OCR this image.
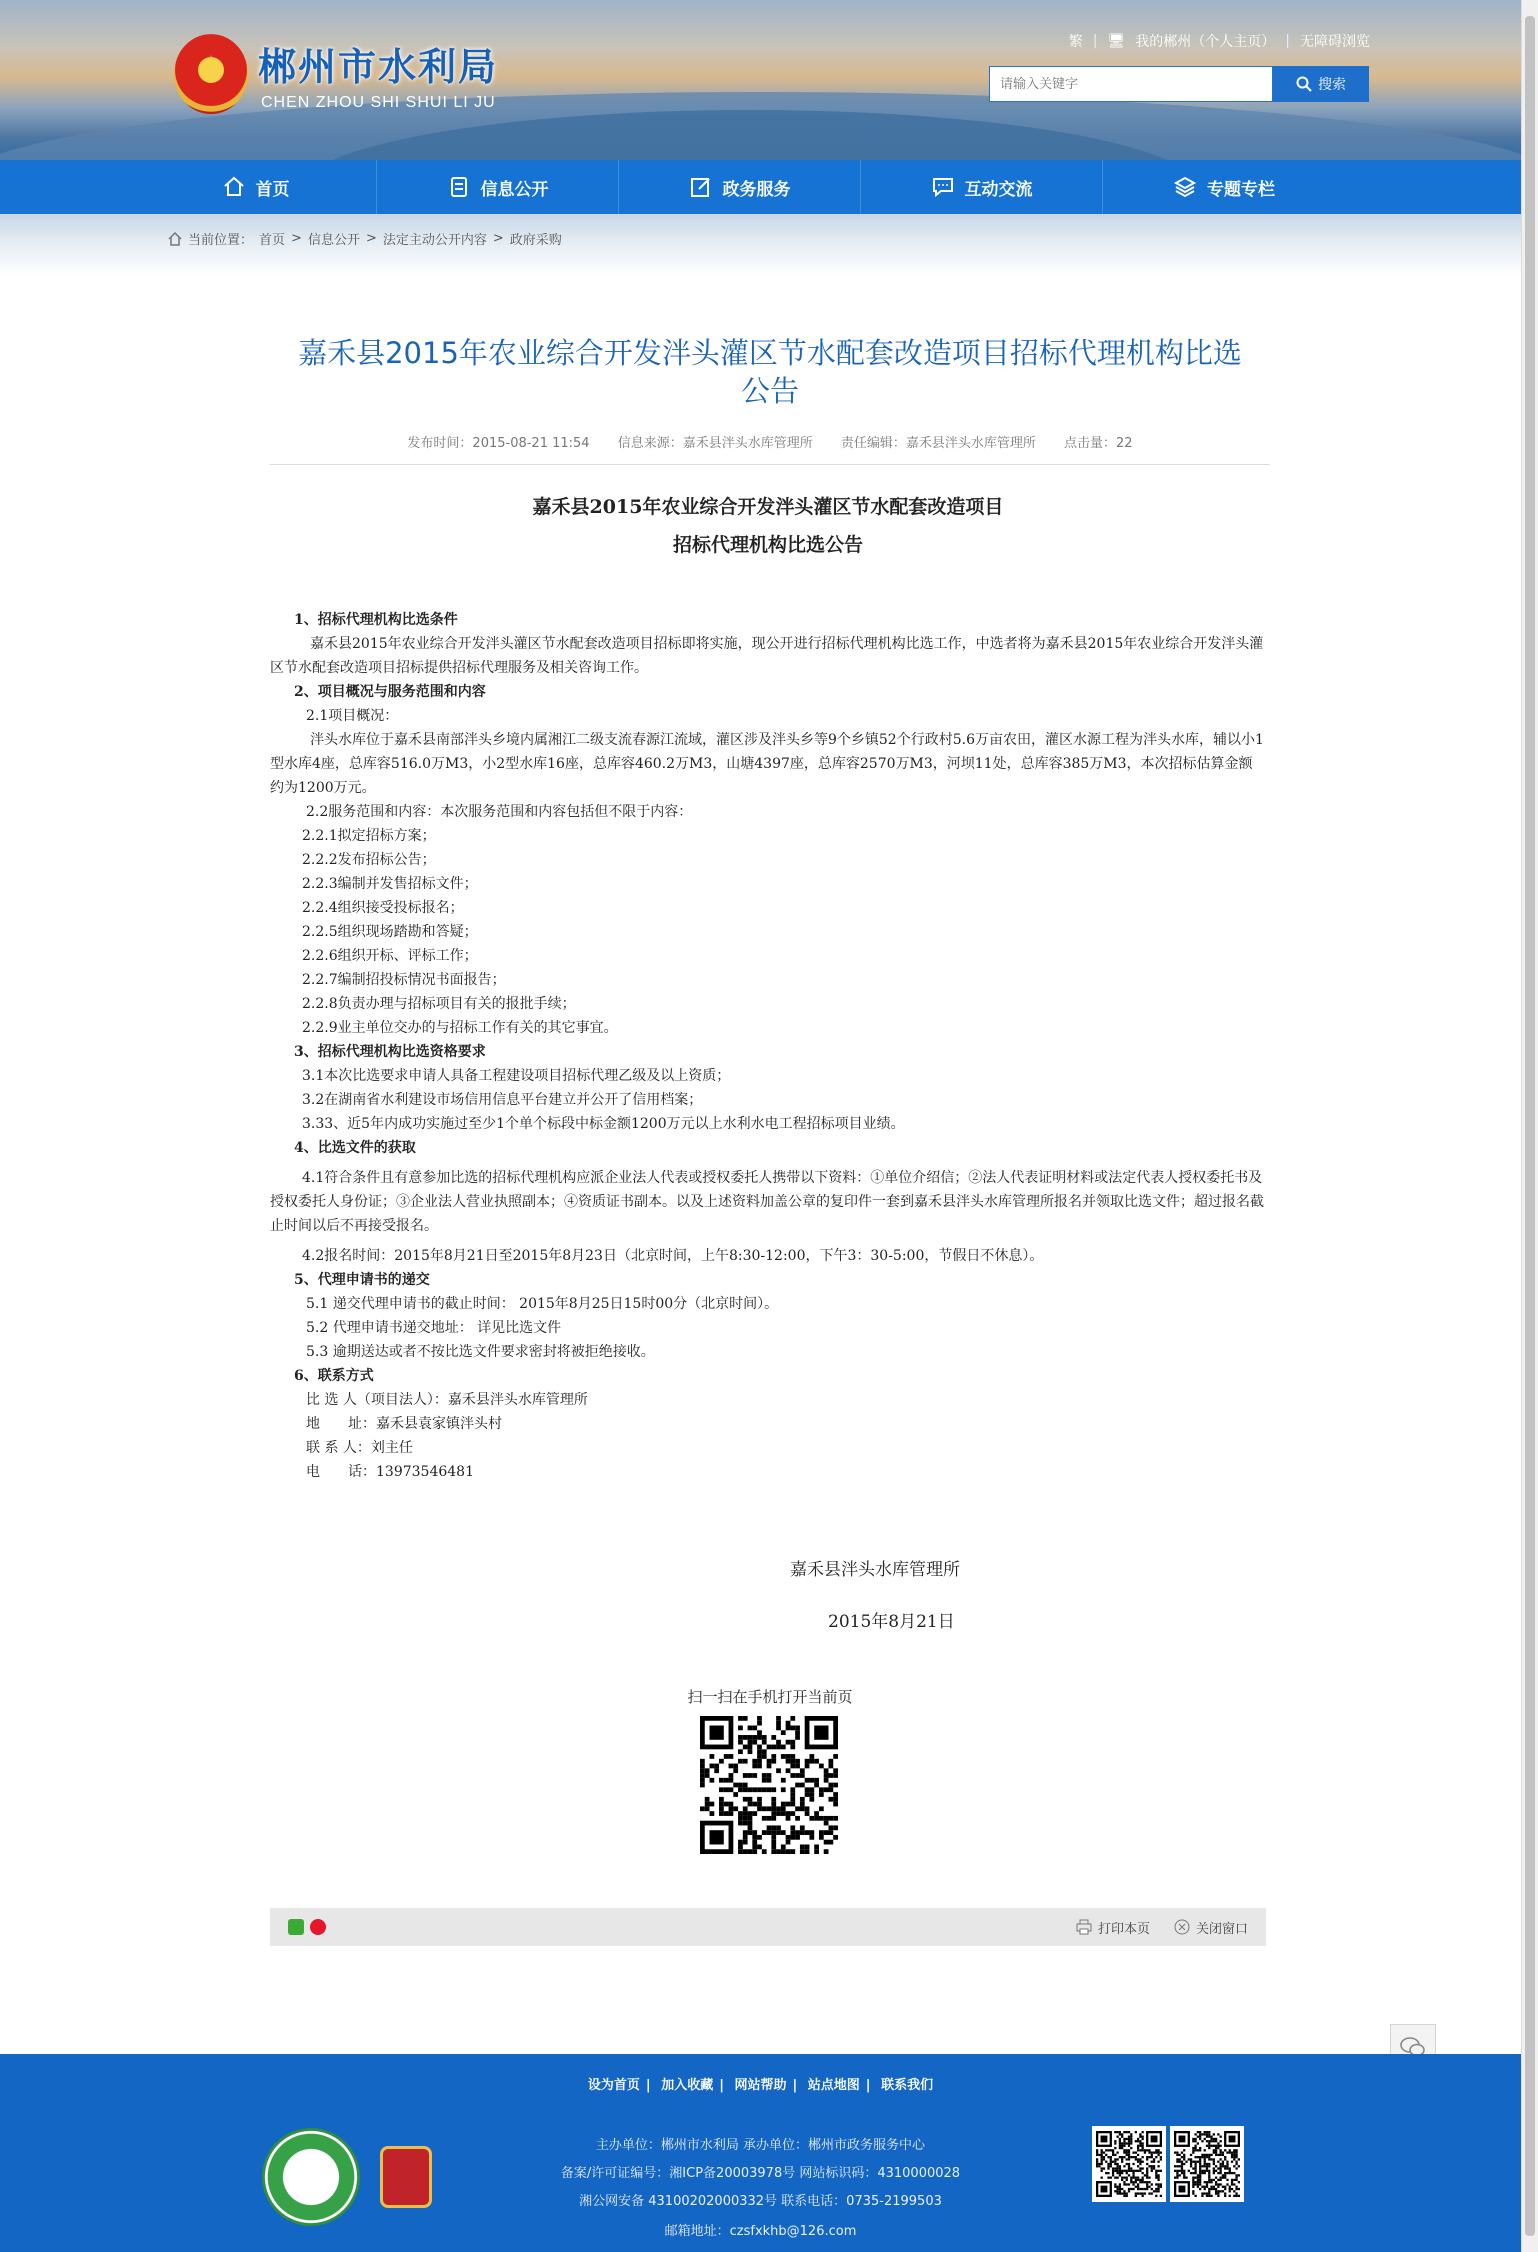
★ 郴州市水利局
CHEN ZHOU SHI SHUI LI JU
繁 | 🖥 我的郴州（个人主页） | 无障碍浏览
请输入关键字
搜索
首页	信息公开	政务服务	互动交流	专题专栏
当前位置： 首页 > 信息公开 > 法定主动公开内容 > 政府采购
嘉禾县2015年农业综合开发泮头灌区节水配套改造项目招标代理机构比选
公告
发布时间：2015-08-21 11:54 信息来源：嘉禾县泮头水库管理所 责任编辑：嘉禾县泮头水库管理所 点击量：22
嘉禾县2015年农业综合开发泮头灌区节水配套改造项目
招标代理机构比选公告

1、招标代理机构比选条件

嘉禾县2015年农业综合开发泮头灌区节水配套改造项目招标即将实施，现公开进行招标代理机构比选工作，中选者将为嘉禾县2015年农业综合开发泮头灌区节水配套改造项目招标提供招标代理服务及相关咨询工作。

2、项目概况与服务范围和内容

2.1项目概况：

泮头水库位于嘉禾县南部泮头乡境内属湘江二级支流春源江流域，灌区涉及泮头乡等9个乡镇52个行政村5.6万亩农田，灌区水源工程为泮头水库，辅以小1型水库4座，总库容516.0万M3，小2型水库16座，总库容460.2万M3，山塘4397座，总库容2570万M3，河坝11处，总库容385万M3，本次招标估算金额约为1200万元。

2.2服务范围和内容：本次服务范围和内容包括但不限于内容：

2.2.1拟定招标方案；

2.2.2发布招标公告；

2.2.3编制并发售招标文件；

2.2.4组织接受投标报名；

2.2.5组织现场踏勘和答疑；

2.2.6组织开标、评标工作；

2.2.7编制招投标情况书面报告；

2.2.8负责办理与招标项目有关的报批手续；

2.2.9业主单位交办的与招标工作有关的其它事宜。

3、招标代理机构比选资格要求

3.1本次比选要求申请人具备工程建设项目招标代理乙级及以上资质；

3.2在湖南省水利建设市场信用信息平台建立并公开了信用档案；

3.33、近5年内成功实施过至少1个单个标段中标金额1200万元以上水利水电工程招标项目业绩。

4、比选文件的获取

4.1符合条件且有意参加比选的招标代理机构应派企业法人代表或授权委托人携带以下资料：①单位介绍信；②法人代表证明材料或法定代表人授权委托书及授权委托人身份证；③企业法人营业执照副本；④资质证书副本。以及上述资料加盖公章的复印件一套到嘉禾县泮头水库管理所报名并领取比选文件；超过报名截止时间以后不再接受报名。

4.2报名时间：2015年8月21日至2015年8月23日（北京时间，上午8:30-12:00，下午3：30-5:00，节假日不休息）。

5、代理申请书的递交

5.1 递交代理申请书的截止时间： 2015年8月25日15时00分（北京时间）。

5.2 代理申请书递交地址： 详见比选文件

5.3 逾期送达或者不按比选文件要求密封将被拒绝接收。

6、联系方式

比 选 人（项目法人）：嘉禾县泮头水库管理所

地　　址：嘉禾县袁家镇泮头村

联 系 人：刘主任

电　　话：13973546481

嘉禾县泮头水库管理所

2015年8月21日

扫一扫在手机打开当前页
打印本页	关闭窗口
设为首页 | 加入收藏 | 网站帮助 | 站点地图 | 联系我们
主办单位：郴州市水利局 承办单位：郴州市政务服务中心
备案/许可证编号：湘ICP备20003978号 网站标识码：4310000028
湘公网安备 43100202000332号 联系电话：0735-2199503
邮箱地址：czsfxkhb@126.com
